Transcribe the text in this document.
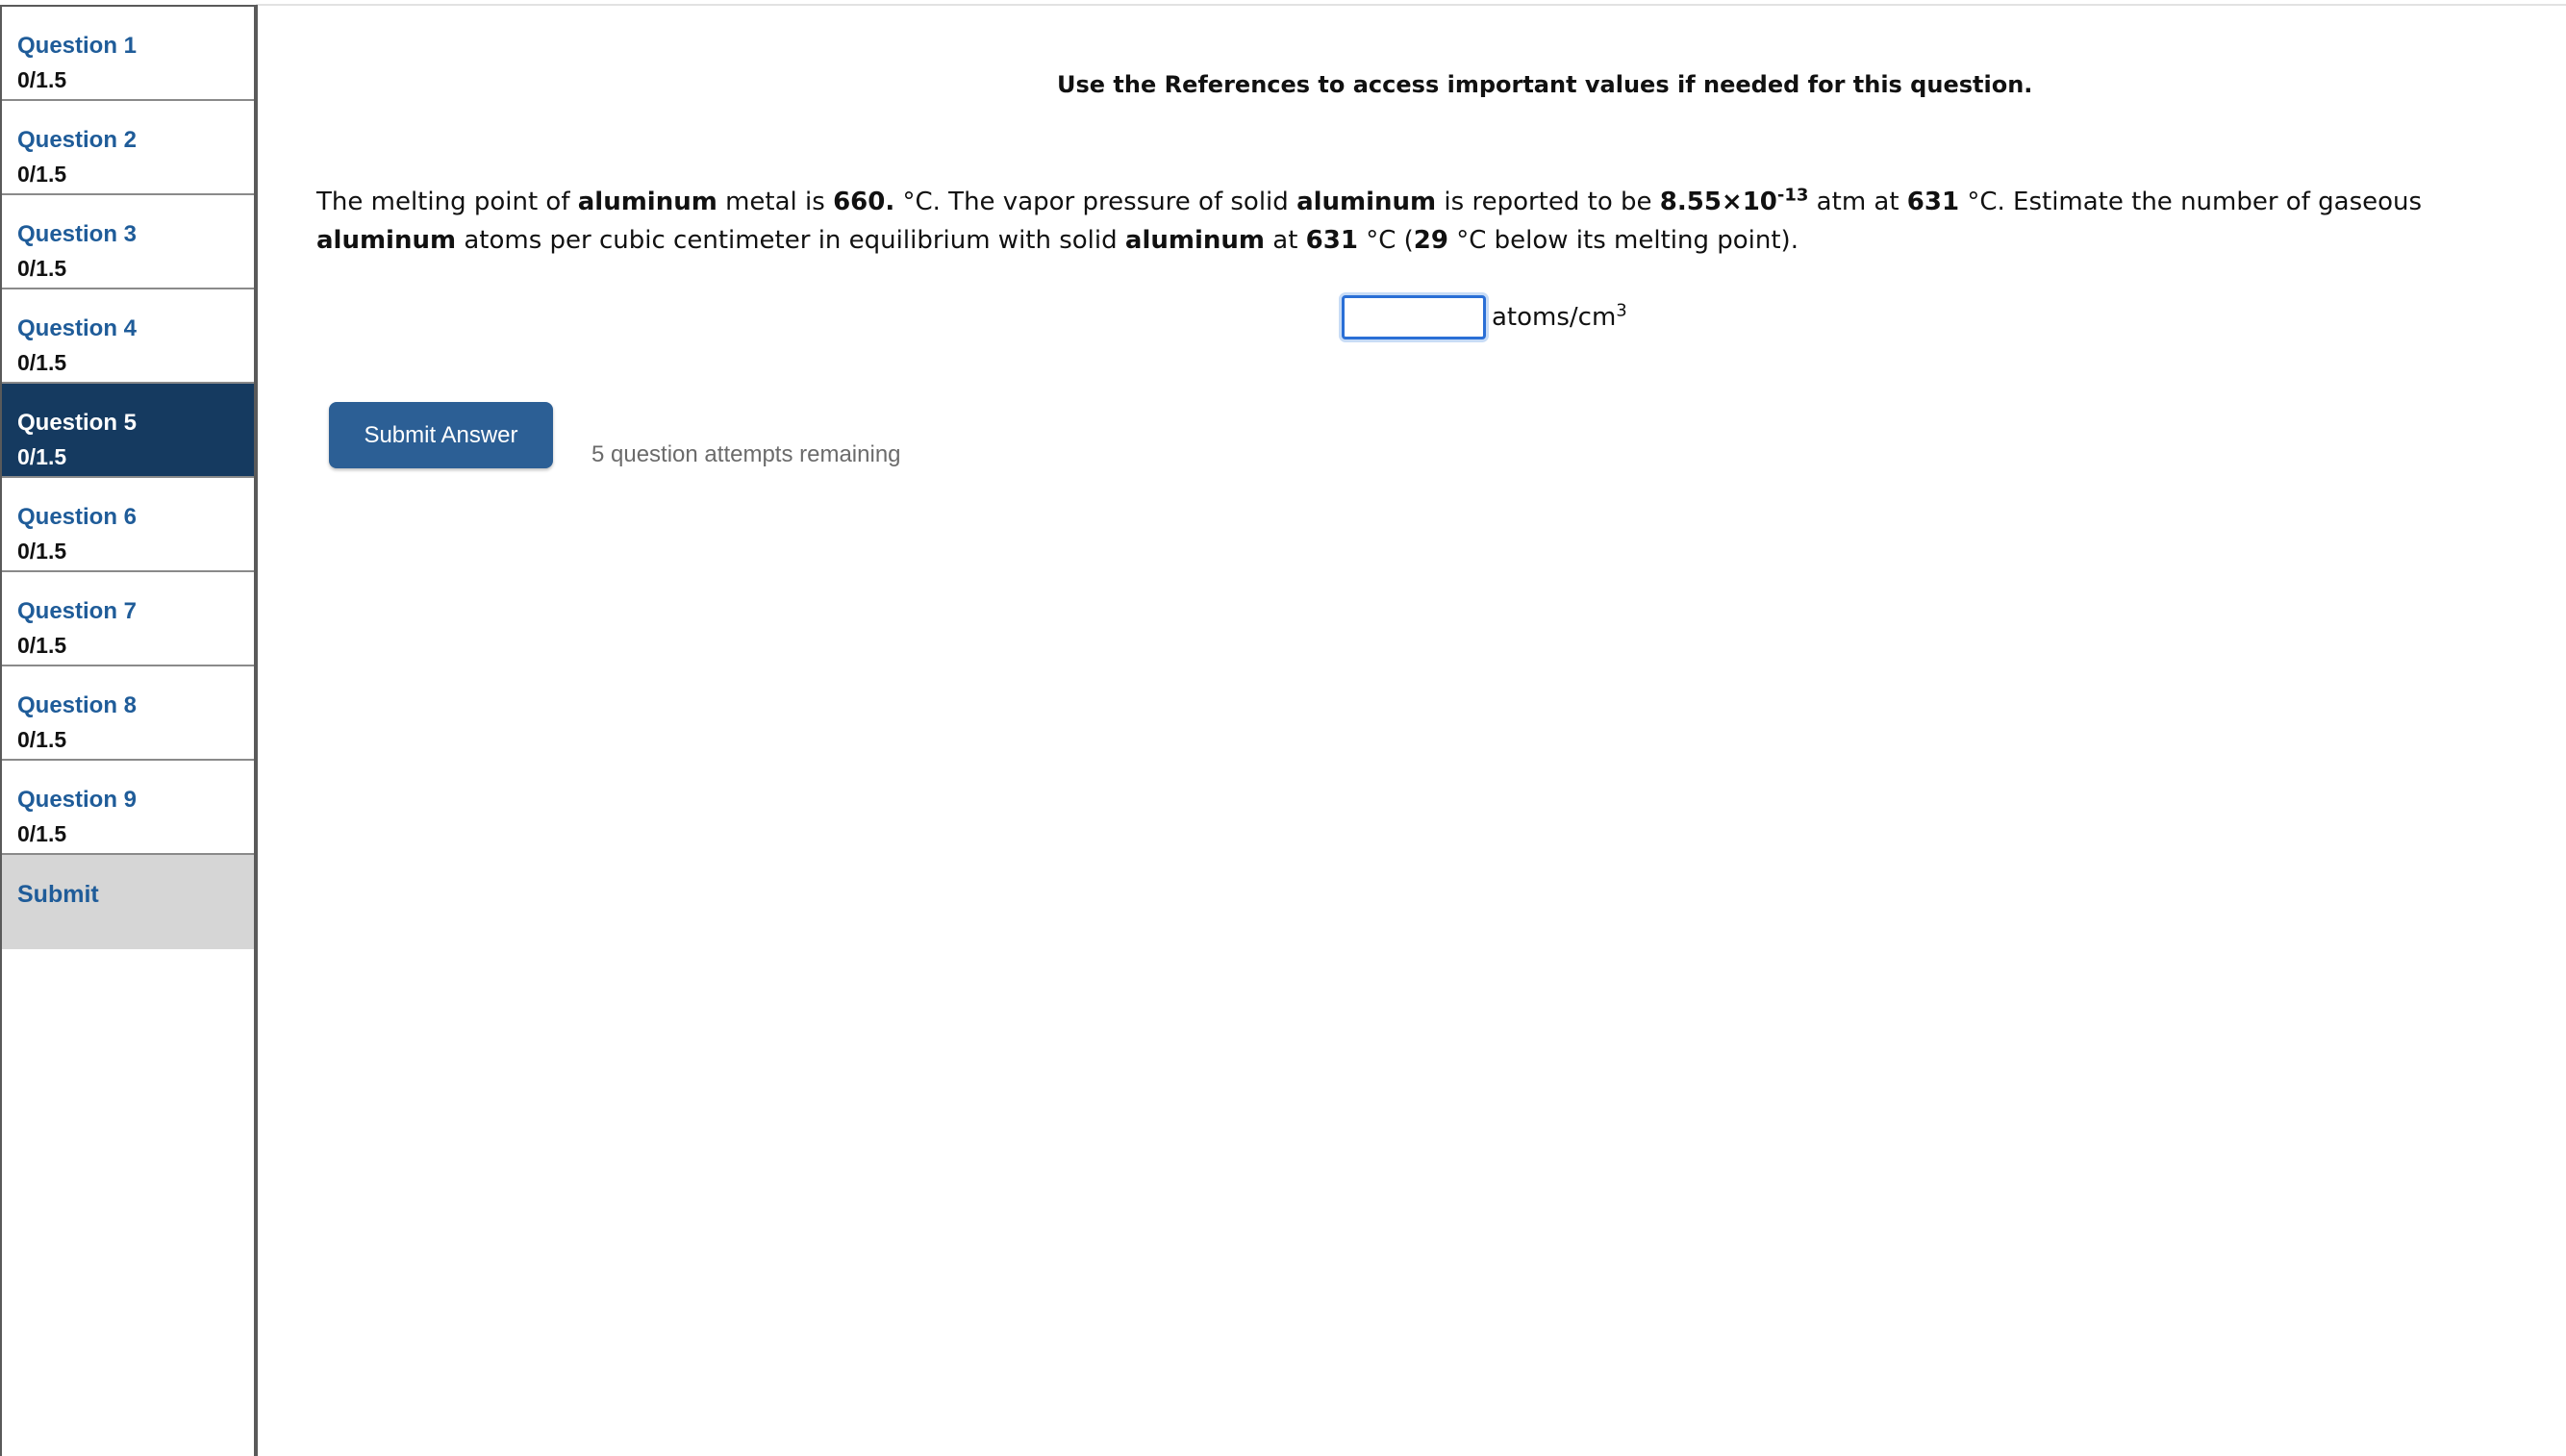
Question 1
0/1.5
Question 2
0/1.5
Question 3
0/1.5
Question 4
0/1.5
Question 5
0/1.5
Question 6
0/1.5
Question 7
0/1.5
Question 8
0/1.5
Question 9
0/1.5
Submit
Use the References to access important values if needed for this question.
The melting point of aluminum metal is 660. °C. The vapor pressure of solid aluminum is reported to be $8.55\times 10^{-13}$ atm at 631 °C. Estimate the number of gaseous aluminum atoms per cubic centimeter in equilibrium with solid aluminum at 631 °C (29 °C below its melting point).
atoms/$cm^3$
Submit Answer
5 question attempts remaining
